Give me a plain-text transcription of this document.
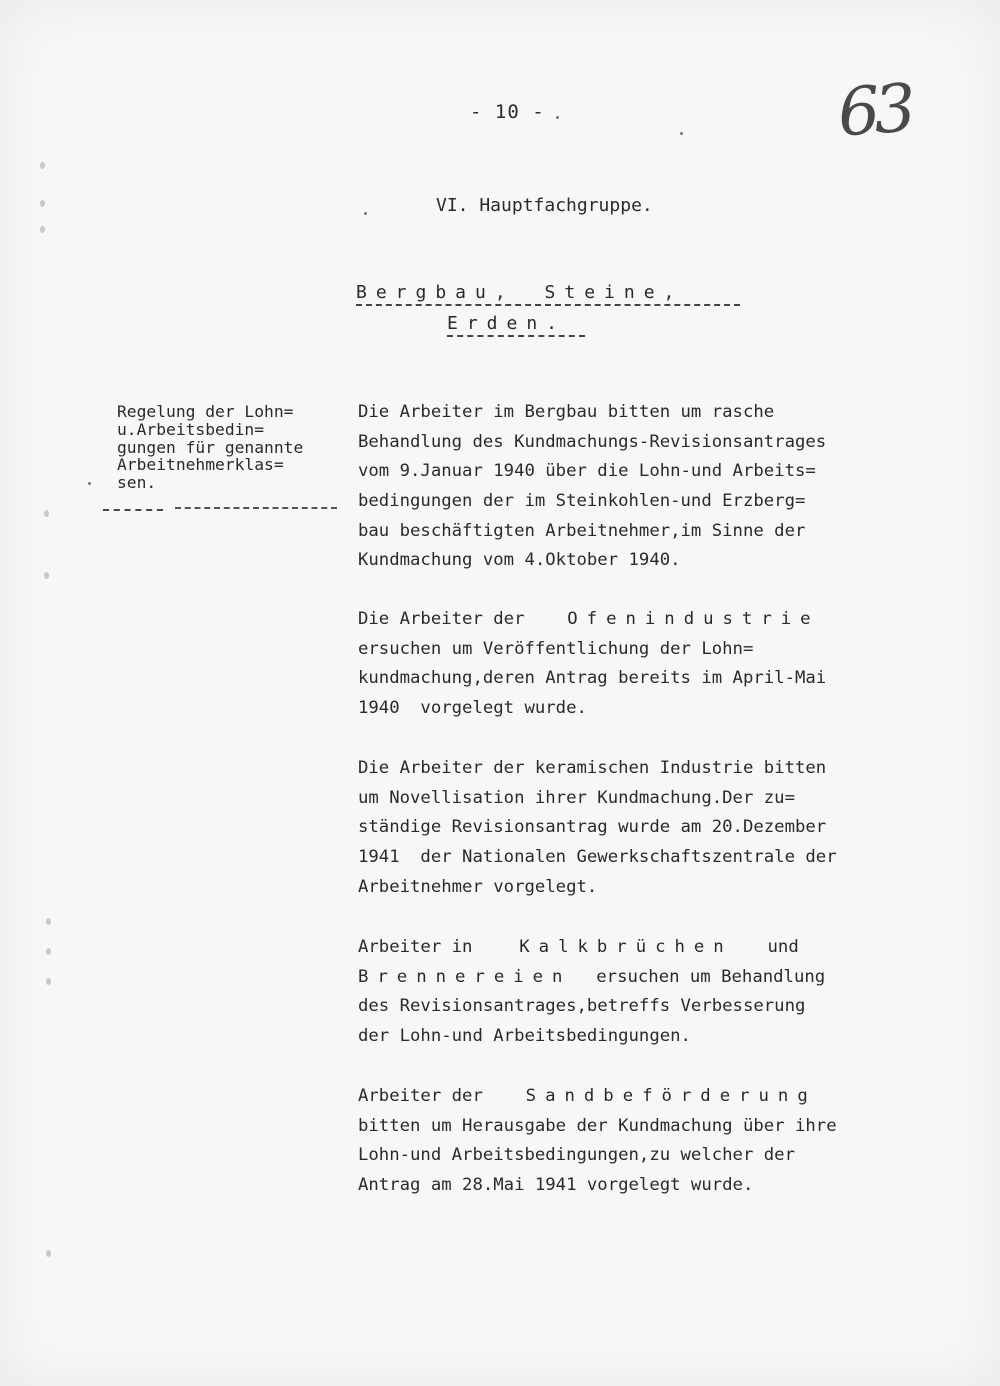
- 10 -	63
VI. Hauptfachgruppe.
Bergbau, Steine,
Erden.
Regelung der Lohn=
u.Arbeitsbedin=
gungen für genannte
Arbeitnehmerklas=
sen.
Die Arbeiter im Bergbau bitten um rasche
Behandlung des Kundmachungs-Revisionsantrages
vom 9.Januar 1940 über die Lohn-und Arbeits=
bedingungen der im Steinkohlen-und Erzberg=
bau beschäftigten Arbeitnehmer,im Sinne der
Kundmachung vom 4.Oktober 1940.
Die Arbeiter der Ofenindustrie
ersuchen um Veröffentlichung der Lohn=
kundmachung,deren Antrag bereits im April-Mai
1940  vorgelegt wurde.
Die Arbeiter der keramischen Industrie bitten
um Novellisation ihrer Kundmachung.Der zu=
ständige Revisionsantrag wurde am 20.Dezember
1941  der Nationalen Gewerkschaftszentrale der
Arbeitnehmer vorgelegt.
Arbeiter in	Kalkbrüchen und
Brennereien ersuchen um Behandlung
des Revisionsantrages,betreffs Verbesserung
der Lohn-und Arbeitsbedingungen.
Arbeiter der Sandbeförderung
bitten um Herausgabe der Kundmachung über ihre
Lohn-und Arbeitsbedingungen,zu welcher der
Antrag am 28.Mai 1941 vorgelegt wurde.
